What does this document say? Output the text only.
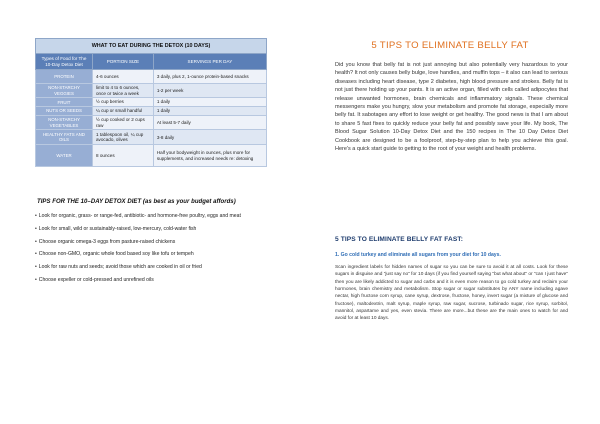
WHAT TO EAT DURING THE DETOX (10 DAYS)		
Types of Food for The 10-Day Detox Diet	PORTION SIZE	SERVINGS PER DAY
PROTEIN	4-6 ounces	3 daily, plus 2, 1-ounce protein-based snacks
NON-STARCHY VEGGIES	limit to 4 to 6 ounces, once or twice a week	1-2 per week
FRUIT	½ cup berries	1 daily
NUTS OR SEEDS	¼ cup or small handful	1 daily
NON-STARCHY VEGETABLES	½ cup cooked or 2 cups raw	At least 5-7 daily
HEALTHY FATS AND OILS	1 tablespoon oil, ¼ cup avocado, olives	3-8 daily
WATER	8 ounces	Half your bodyweight in ounces, plus more for supplements, and increased needs re: detoxing
TIPS FOR THE 10–DAY DETOX DIET (as best as your budget affords)
• Look for organic, grass- or range-fed, antibiotic- and hormone-free poultry, eggs and meat
• Look for small, wild or sustainably-raised, low-mercury, cold-water fish
• Choose organic omega-3 eggs from pasture-raised chickens
• Choose non-GMO, organic whole food based soy like tofu or tempeh
• Look for raw nuts and seeds; avoid those which are cooked in oil or fried
• Choose expeller or cold-pressed and unrefined oils
5 TIPS TO ELIMINATE BELLY FAT

Did you know that belly fat is not just annoying but also potentially very hazardous to your health? It not only causes belly bulge, love handles, and muffin tops – it also can lead to serious diseases including heart disease, type 2 diabetes, high blood pressure and strokes. Belly fat is not just there holding up your pants. It is an active organ, filled with cells called adipocytes that release unwanted hormones, brain chemicals and inflammatory signals. These chemical messengers make you hungry, slow your metabolism and promote fat storage, especially more belly fat. It sabotages any effort to lose weight or get healthy. The good news is that I am about to share 5 fast fixes to quickly reduce your belly fat and possibly save your life. My book, The Blood Sugar Solution 10-Day Detox Diet and the 150 recipes in The 10 Day Detox Diet Cookbook are designed to be a foolproof, step-by-step plan to help you achieve this goal. Here's a quick start guide to getting to the root of your weight and health problems.

5 TIPS TO ELIMINATE BELLY FAT FAST:
1. Go cold turkey and eliminate all sugars from your diet for 10 days.

Scan ingredient labels for hidden names of sugar so you can be sure to avoid it at all costs. Look for these sugars in disguise and "just say no" for 10 days (if you find yourself saying "but what about" or "can I just have" then you are likely addicted to sugar and carbs and it is even more reason to go cold turkey and reclaim your hormones, brain chemistry and metabolism. Stop sugar or sugar substitutes by ANY name including agave nectar, high fructose corn syrup, cane syrup, dextrose, fructose, honey, invert sugar (a mixture of glucose and fructose), maltodextrin, malt syrup, maple syrup, raw sugar, sucrose, turbinado sugar, rice syrup, sorbitol, mannitol, aspartame and yes, even stevia. There are more...but these are the main ones to watch for and avoid for at least 10 days.
